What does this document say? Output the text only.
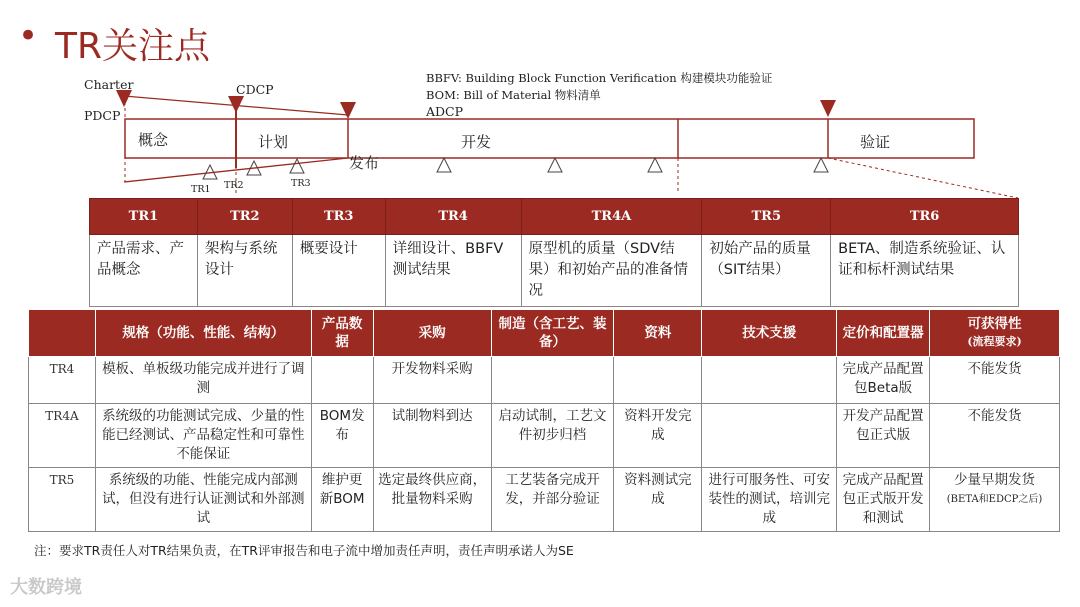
• TR关注点
BBFV: Building Block Function Verification 构建模块功能验证
BOM: Bill of Material 物料清单
Charter
PDCP
CDCP
ADCP
概念	计划	开发	验证
发布
TR1 TR2	TR3
TR1	TR2	TR3	TR4	TR4A	TR5	TR6
产品需求、产品概念	架构与系统设计	概要设计	详细设计、BBFV测试结果	原型机的质量（SDV结果）和初始产品的准备情况	初始产品的质量（SIT结果）	BETA、制造系统验证、认证和标杆测试结果
	规格（功能、性能、结构）	产品数据	采购	制造（含工艺、装备）	资料	技术支援	定价和配置器	可获得性
(流程要求)

TR4	模板、单板级功能完成并进行了调测		开发物料采购				完成产品配置包Beta版	不能发货
TR4A	系统级的功能测试完成、少量的性能已经测试、产品稳定性和可靠性不能保证	BOM发布	试制物料到达	启动试制，工艺文件初步归档	资料开发完成		开发产品配置包正式版	不能发货
TR5	系统级的功能、性能完成内部测试，但没有进行认证测试和外部测试	维护更新BOM	选定最终供应商，批量物料采购	工艺装备完成开发，并部分验证	资料测试完成	进行可服务性、可安装性的测试，培训完成	完成产品配置包正式版开发和测试	少量早期发货
(BETA和EDCP之后)
注：要求TR责任人对TR结果负责，在TR评审报告和电子流中增加责任声明，责任声明承诺人为SE
大数跨境
